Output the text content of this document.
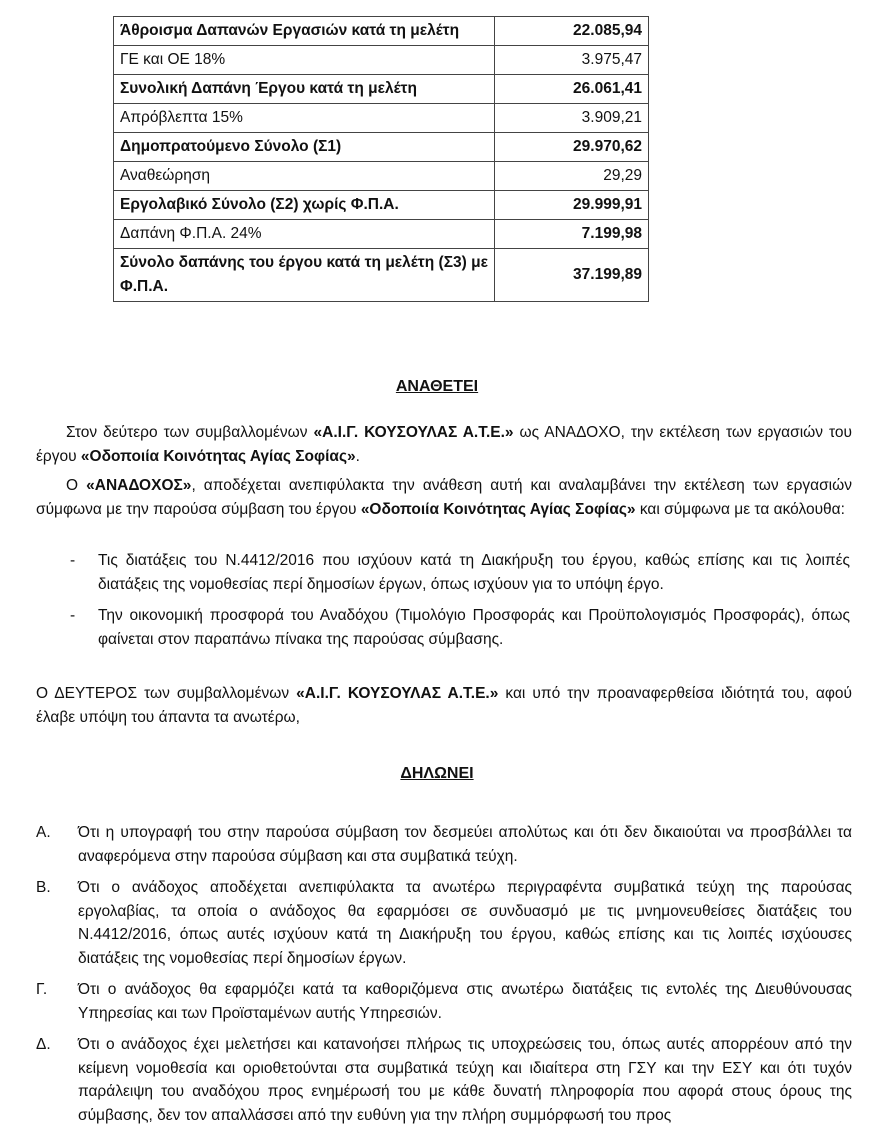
Άθροισμα Δαπανών Εργασιών κατά τη μελέτη	22.085,94
ΓΕ και ΟΕ 18%	3.975,47
Συνολική Δαπάνη Έργου κατά τη μελέτη	26.061,41
Απρόβλεπτα 15%	3.909,21
Δημοπρατούμενο Σύνολο (Σ1)	29.970,62
Αναθεώρηση	29,29
Εργολαβικό Σύνολο (Σ2) χωρίς Φ.Π.Α.	29.999,91
Δαπάνη Φ.Π.Α. 24%	7.199,98
Σύνολο δαπάνης του έργου κατά τη μελέτη (Σ3) με Φ.Π.Α.	37.199,89
ΑΝΑΘΕΤΕΙ

Στον δεύτερο των συμβαλλομένων «Α.Ι.Γ. ΚΟΥΣΟΥΛΑΣ Α.Τ.Ε.» ως ΑΝΑΔΟΧΟ, την εκτέλεση των εργασιών του έργου «Οδοποιία Κοινότητας Αγίας Σοφίας».

Ο «ΑΝΑΔΟΧΟΣ», αποδέχεται ανεπιφύλακτα την ανάθεση αυτή και αναλαμβάνει την εκτέλεση των εργασιών σύμφωνα με την παρούσα σύμβαση του έργου «Οδοποιία Κοινότητας Αγίας Σοφίας» και σύμφωνα με τα ακόλουθα:

- Τις διατάξεις του Ν.4412/2016 που ισχύουν κατά τη Διακήρυξη του έργου, καθώς επίσης και τις λοιπές διατάξεις της νομοθεσίας περί δημοσίων έργων, όπως ισχύουν για το υπόψη έργο.
- Την οικονομική προσφορά του Αναδόχου (Τιμολόγιο Προσφοράς και Προϋπολογισμός Προσφοράς), όπως φαίνεται στον παραπάνω πίνακα της παρούσας σύμβασης.

Ο ΔΕΥΤΕΡΟΣ των συμβαλλομένων «Α.Ι.Γ. ΚΟΥΣΟΥΛΑΣ Α.Τ.Ε.» και υπό την προαναφερθείσα ιδιότητά του, αφού έλαβε υπόψη του άπαντα τα ανωτέρω,

ΔΗΛΩΝΕΙ
Α. Ότι η υπογραφή του στην παρούσα σύμβαση τον δεσμεύει απολύτως και ότι δεν δικαιούται να προσβάλλει τα αναφερόμενα στην παρούσα σύμβαση και στα συμβατικά τεύχη.
Β. Ότι ο ανάδοχος αποδέχεται ανεπιφύλακτα τα ανωτέρω περιγραφέντα συμβατικά τεύχη της παρούσας εργολαβίας, τα οποία ο ανάδοχος θα εφαρμόσει σε συνδυασμό με τις μνημονευθείσες διατάξεις του Ν.4412/2016, όπως αυτές ισχύουν κατά τη Διακήρυξη του έργου, καθώς επίσης και τις λοιπές ισχύουσες διατάξεις της νομοθεσίας περί δημοσίων έργων.
Γ. Ότι ο ανάδοχος θα εφαρμόζει κατά τα καθοριζόμενα στις ανωτέρω διατάξεις τις εντολές της Διευθύνουσας Υπηρεσίας και των Προϊσταμένων αυτής Υπηρεσιών.
Δ. Ότι ο ανάδοχος έχει μελετήσει και κατανοήσει πλήρως τις υποχρεώσεις του, όπως αυτές απορρέουν από την κείμενη νομοθεσία και οριοθετούνται στα συμβατικά τεύχη και ιδιαίτερα στη ΓΣΥ και την ΕΣΥ και ότι τυχόν παράλειψη του αναδόχου προς ενημέρωσή του με κάθε δυνατή πληροφορία που αφορά στους όρους της σύμβασης, δεν τον απαλλάσσει από την ευθύνη για την πλήρη συμμόρφωσή του προς
